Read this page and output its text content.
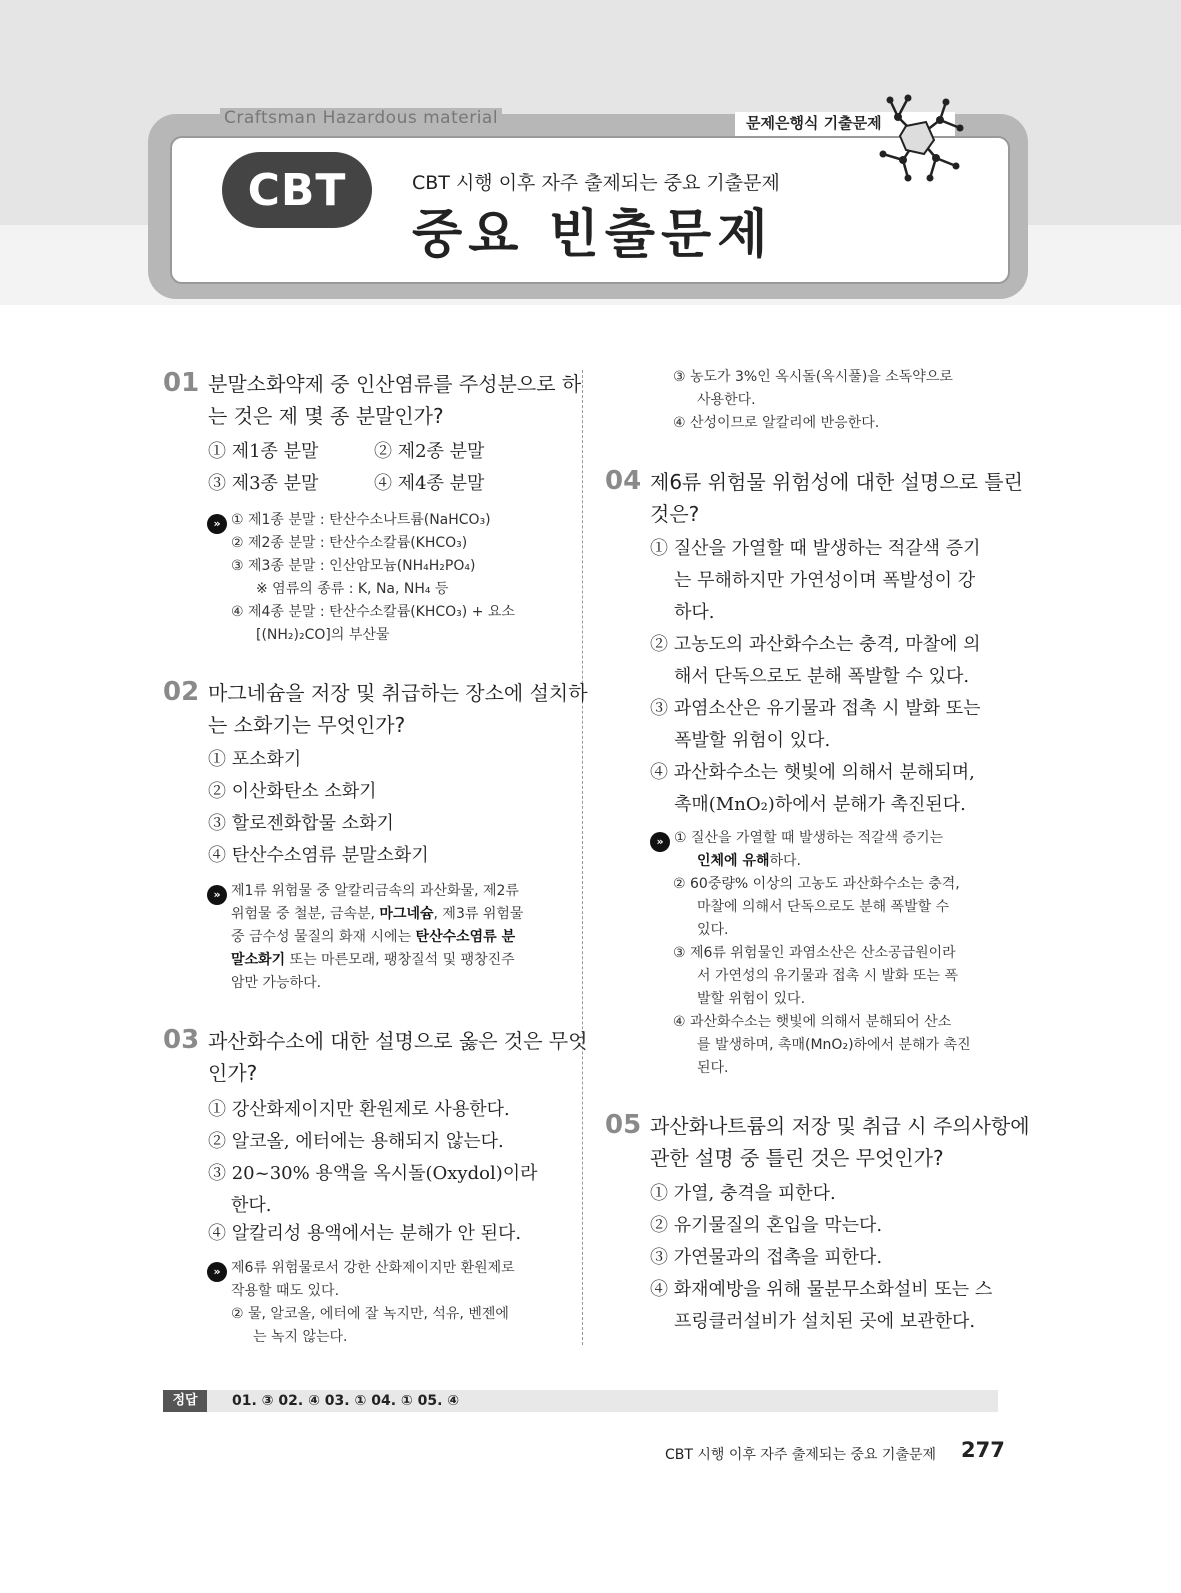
Craftsman Hazardous material	문제은행식 기출문제
CBT	CBT 시행 이후 자주 출제되는 중요 기출문제
중요 빈출문제
01 분말소화약제 중 인산염류를 주성분으로 하
는 것은 제 몇 종 분말인가?
① 제1종 분말	② 제2종 분말
③ 제3종 분말	④ 제4종 분말
» ① 제1종 분말 : 탄산수소나트륨(NaHCO₃)
② 제2종 분말 : 탄산수소칼륨(KHCO₃)
③ 제3종 분말 : 인산암모늄(NH₄H₂PO₄)
※ 염류의 종류 : K, Na, NH₄ 등
④ 제4종 분말 : 탄산수소칼륨(KHCO₃) + 요소
[(NH₂)₂CO]의 부산물
02 마그네슘을 저장 및 취급하는 장소에 설치하
는 소화기는 무엇인가?
① 포소화기
② 이산화탄소 소화기
③ 할로젠화합물 소화기
④ 탄산수소염류 분말소화기
» 제1류 위험물 중 알칼리금속의 과산화물, 제2류
위험물 중 철분, 금속분, 마그네슘, 제3류 위험물
중 금수성 물질의 화재 시에는 탄산수소염류 분
말소화기 또는 마른모래, 팽창질석 및 팽창진주
암만 가능하다.
03 과산화수소에 대한 설명으로 옳은 것은 무엇
인가?
① 강산화제이지만 환원제로 사용한다.
② 알코올, 에터에는 용해되지 않는다.
③ 20~30% 용액을 옥시돌(Oxydol)이라
한다.
④ 알칼리성 용액에서는 분해가 안 된다.
» 제6류 위험물로서 강한 산화제이지만 환원제로
작용할 때도 있다.
② 물, 알코올, 에터에 잘 녹지만, 석유, 벤젠에
는 녹지 않는다.
③ 농도가 3%인 옥시돌(옥시풀)을 소독약으로
사용한다.
④ 산성이므로 알칼리에 반응한다.
04 제6류 위험물 위험성에 대한 설명으로 틀린
것은?
① 질산을 가열할 때 발생하는 적갈색 증기
는 무해하지만 가연성이며 폭발성이 강
하다.
② 고농도의 과산화수소는 충격, 마찰에 의
해서 단독으로도 분해 폭발할 수 있다.
③ 과염소산은 유기물과 접촉 시 발화 또는
폭발할 위험이 있다.
④ 과산화수소는 햇빛에 의해서 분해되며,
촉매(MnO₂)하에서 분해가 촉진된다.
» ① 질산을 가열할 때 발생하는 적갈색 증기는
인체에 유해하다.
② 60중량% 이상의 고농도 과산화수소는 충격,
마찰에 의해서 단독으로도 분해 폭발할 수
있다.
③ 제6류 위험물인 과염소산은 산소공급원이라
서 가연성의 유기물과 접촉 시 발화 또는 폭
발할 위험이 있다.
④ 과산화수소는 햇빛에 의해서 분해되어 산소
를 발생하며, 촉매(MnO₂)하에서 분해가 촉진
된다.
05 과산화나트륨의 저장 및 취급 시 주의사항에
관한 설명 중 틀린 것은 무엇인가?
① 가열, 충격을 피한다.
② 유기물질의 혼입을 막는다.
③ 가연물과의 접촉을 피한다.
④ 화재예방을 위해 물분무소화설비 또는 스
프링클러설비가 설치된 곳에 보관한다.
정답	01. ③ 02. ④ 03. ① 04. ① 05. ④
CBT 시행 이후 자주 출제되는 중요 기출문제 277
